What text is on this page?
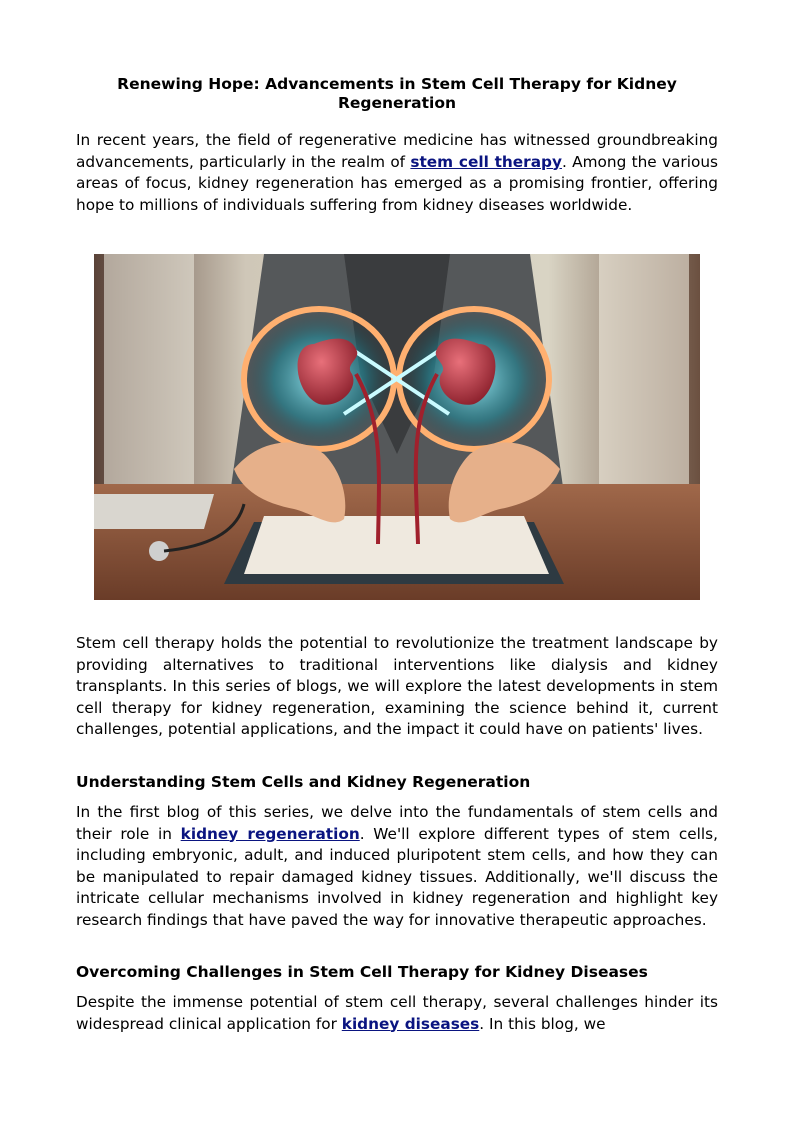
Renewing Hope: Advancements in Stem Cell Therapy for Kidney Regeneration

In recent years, the field of regenerative medicine has witnessed groundbreaking advancements, particularly in the realm of stem cell therapy. Among the various areas of focus, kidney regeneration has emerged as a promising frontier, offering hope to millions of individuals suffering from kidney diseases worldwide.

Stem cell therapy holds the potential to revolutionize the treatment landscape by providing alternatives to traditional interventions like dialysis and kidney transplants. In this series of blogs, we will explore the latest developments in stem cell therapy for kidney regeneration, examining the science behind it, current challenges, potential applications, and the impact it could have on patients' lives.

Understanding Stem Cells and Kidney Regeneration

In the first blog of this series, we delve into the fundamentals of stem cells and their role in kidney regeneration. We'll explore different types of stem cells, including embryonic, adult, and induced pluripotent stem cells, and how they can be manipulated to repair damaged kidney tissues. Additionally, we'll discuss the intricate cellular mechanisms involved in kidney regeneration and highlight key research findings that have paved the way for innovative therapeutic approaches.

Overcoming Challenges in Stem Cell Therapy for Kidney Diseases

Despite the immense potential of stem cell therapy, several challenges hinder its widespread clinical application for kidney diseases. In this blog, we
